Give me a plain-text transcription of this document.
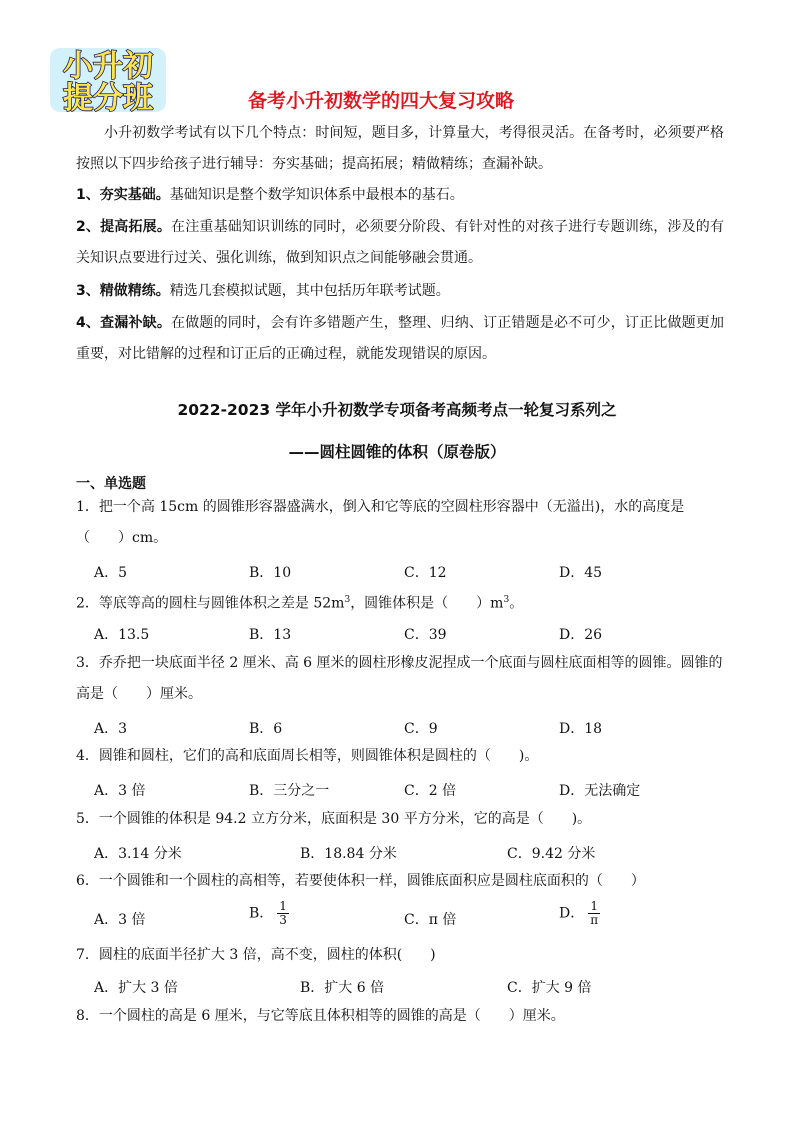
小升初
提分班	备考小升初数学的四大复习攻略

小升初数学考试有以下几个特点：时间短，题目多，计算量大，考得很灵活。在备考时，必须要严格按照以下四步给孩子进行辅导：夯实基础；提高拓展；精做精练；查漏补缺。

1、夯实基础。基础知识是整个数学知识体系中最根本的基石。

2、提高拓展。在注重基础知识训练的同时，必须要分阶段、有针对性的对孩子进行专题训练，涉及的有关知识点要进行过关、强化训练，做到知识点之间能够融会贯通。

3、精做精练。精选几套模拟试题，其中包括历年联考试题。

4、查漏补缺。在做题的同时，会有许多错题产生，整理、归纳、订正错题是必不可少，订正比做题更加重要，对比错解的过程和订正后的正确过程，就能发现错误的原因。

2022-2023 学年小升初数学专项备考高频考点一轮复习系列之
——圆柱圆锥的体积（原卷版）
一、单选题

1．把一个高 15cm 的圆锥形容器盛满水，倒入和它等底的空圆柱形容器中（无溢出)，水的高度是（　　）cm。

A．5	B．10	C．12	D．45

2．等底等高的圆柱与圆锥体积之差是 $52m^3$，圆锥体积是（　　）$m^3$。

A．13.5	B．13	C．39	D．26

3．乔乔把一块底面半径 2 厘米、高 6 厘米的圆柱形橡皮泥捏成一个底面与圆柱底面相等的圆锥。圆锥的高是（　　）厘米。

A．3	B．6	C．9	D．18

4．圆锥和圆柱，它们的高和底面周长相等，则圆锥体积是圆柱的（　　)。

A．3 倍	B．三分之一	C．2 倍	D．无法确定

5．一个圆锥的体积是 94.2 立方分米，底面积是 30 平方分米，它的高是（　　)。

A．3.14 分米	B．18.84 分米	C．9.42 分米

6．一个圆锥和一个圆柱的高相等，若要使体积一样，圆锥底面积应是圆柱底面积的（　　）

A．3 倍	B． $\frac{1}{3}$	C．π 倍	D． $\frac{1}{\pi}$

7．圆柱的底面半径扩大 3 倍，高不变，圆柱的体积(　　)

A．扩大 3 倍	B．扩大 6 倍	C．扩大 9 倍

8．一个圆柱的高是 6 厘米，与它等底且体积相等的圆锥的高是（　　）厘米。
